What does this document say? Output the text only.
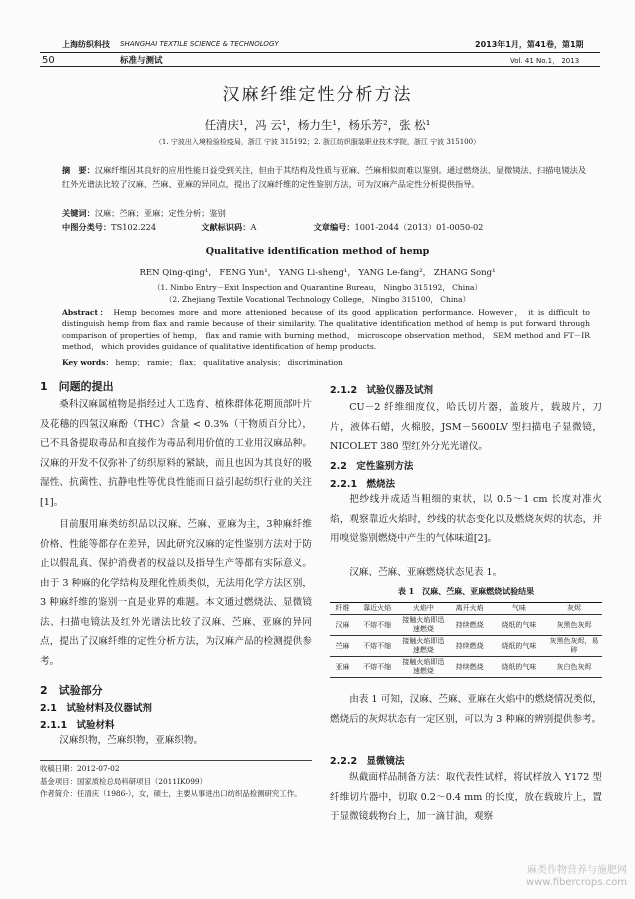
上海纺织科技 SHANGHAI TEXTILE SCIENCE & TECHNOLOGY	2013年1月，第41卷，第1期
50	标准与测试	Vol. 41 No.1， 2013
汉麻纤维定性分析方法
任清庆¹，冯 云¹，杨力生¹，杨乐芳²，张 松¹
（1. 宁波出入境检验检疫局，浙江 宁波 315192；2. 浙江纺织服装职业技术学院，浙江 宁波 315100）
摘　要：汉麻纤维因其良好的应用性能日益受到关注，但由于其结构及性质与亚麻、苎麻相似而难以鉴别。通过燃烧法、显微镜法、扫描电镜法及红外光谱法比较了汉麻、苎麻、亚麻的异同点，提出了汉麻纤维的定性鉴别方法，可为汉麻产品定性分析提供指导。
关键词：汉麻；苎麻；亚麻；定性分析；鉴别
中图分类号：TS102.224	文献标识码：A	文章编号：1001-2044（2013）01-0050-02
Qualitative identification method of hemp
REN Qing-qing¹， FENG Yun¹， YANG Li-sheng¹， YANG Le-fang²， ZHANG Song¹
（1. Ninbo Entry－Exit Inspection and Quarantine Bureau， Ningbo 315192， China）
（2. Zhejiang Textile Vocational Technology College， Ningbo 315100， China）
Abstract： Hemp becomes more and more attenioned because of its good application performance. However， it is difficult to distinguish hemp from flax and ramie because of their similarity. The qualitative identification method of hemp is put forward through comparison of properties of hemp， flax and ramie with burning method， microscope observation method， SEM method and FT－IR method， which provides guidance of qualitative identification of hemp products.
Key words： hemp； ramie； flax； qualitative analysis； discrimination
1　问题的提出
桑科汉麻属植物是指经过人工选育、植株群体花期顶部叶片及花穗的四氢汉麻酚（THC）含量 < 0.3%（干物质百分比），已不具备提取毒品和直接作为毒品利用价值的工业用汉麻品种。汉麻的开发不仅弥补了纺织原料的紧缺，而且也因为其良好的吸湿性、抗菌性、抗静电性等优良性能而日益引起纺织行业的关注[1]。
目前服用麻类纺织品以汉麻、苎麻、亚麻为主，3种麻纤维价格、性能等都存在差异，因此研究汉麻的定性鉴别方法对于防止以假乱真、保护消费者的权益以及指导生产等都有实际意义。由于 3 种麻的化学结构及理化性质类似，无法用化学方法区别，3 种麻纤维的鉴别一直是业界的难题。本文通过燃烧法、显微镜法、扫描电镜法及红外光谱法比较了汉麻、苎麻、亚麻的异同点，提出了汉麻纤维的定性分析方法，为汉麻产品的检测提供参考。
2　试验部分
2.1　试验材料及仪器试剂
2.1.1　试验材料
汉麻织物，苎麻织物，亚麻织物。
收稿日期：2012-07-02
基金项目：国家质检总局科研项目（2011IK099）
作者简介：任清庆（1986-），女，硕士，主要从事进出口纺织品检测研究工作。
2.1.2　试验仪器及试剂
CU－2 纤维细度仪，哈氏切片器，盖玻片，载玻片，刀片，液体石蜡，火棉胶，JSM－5600LV 型扫描电子显微镜，NICOLET 380 型红外分光光谱仪。
2.2　定性鉴别方法
2.2.1　燃烧法
把纱线并成适当粗细的束状，以 0.5～1 cm 长度对准火焰，观察靠近火焰时，纱线的状态变化以及燃烧灰烬的状态，并用嗅觉鉴别燃烧中产生的气体味道[2]。
汉麻、苎麻、亚麻燃烧状态见表 1。
表 1　汉麻、苎麻、亚麻燃烧试验结果
纤维	靠近火焰	火焰中	离开火焰	气味	灰烬
汉麻	不熔不缩	接触火焰即迅速燃烧	持续燃烧	烧纸的气味	灰黑色灰烬
苎麻	不熔不缩	接触火焰即迅速燃烧	持续燃烧	烧纸的气味	灰黑色灰烬，易碎
亚麻	不熔不缩	接触火焰即迅速燃烧	持续燃烧	烧纸的气味	灰白色灰烬
由表 1 可知，汉麻、苎麻、亚麻在火焰中的燃烧情况类似，燃烧后的灰烬状态有一定区别，可以为 3 种麻的辨别提供参考。
2.2.2　显微镜法
纵截面样品制备方法：取代表性试样，将试样放入 Y172 型纤维切片器中，切取 0.2～0.4 mm 的长度，放在载玻片上，置于显微镜载物台上，加一滴甘油，观察
麻类作物营养与施肥网
www.fibercrops.com
